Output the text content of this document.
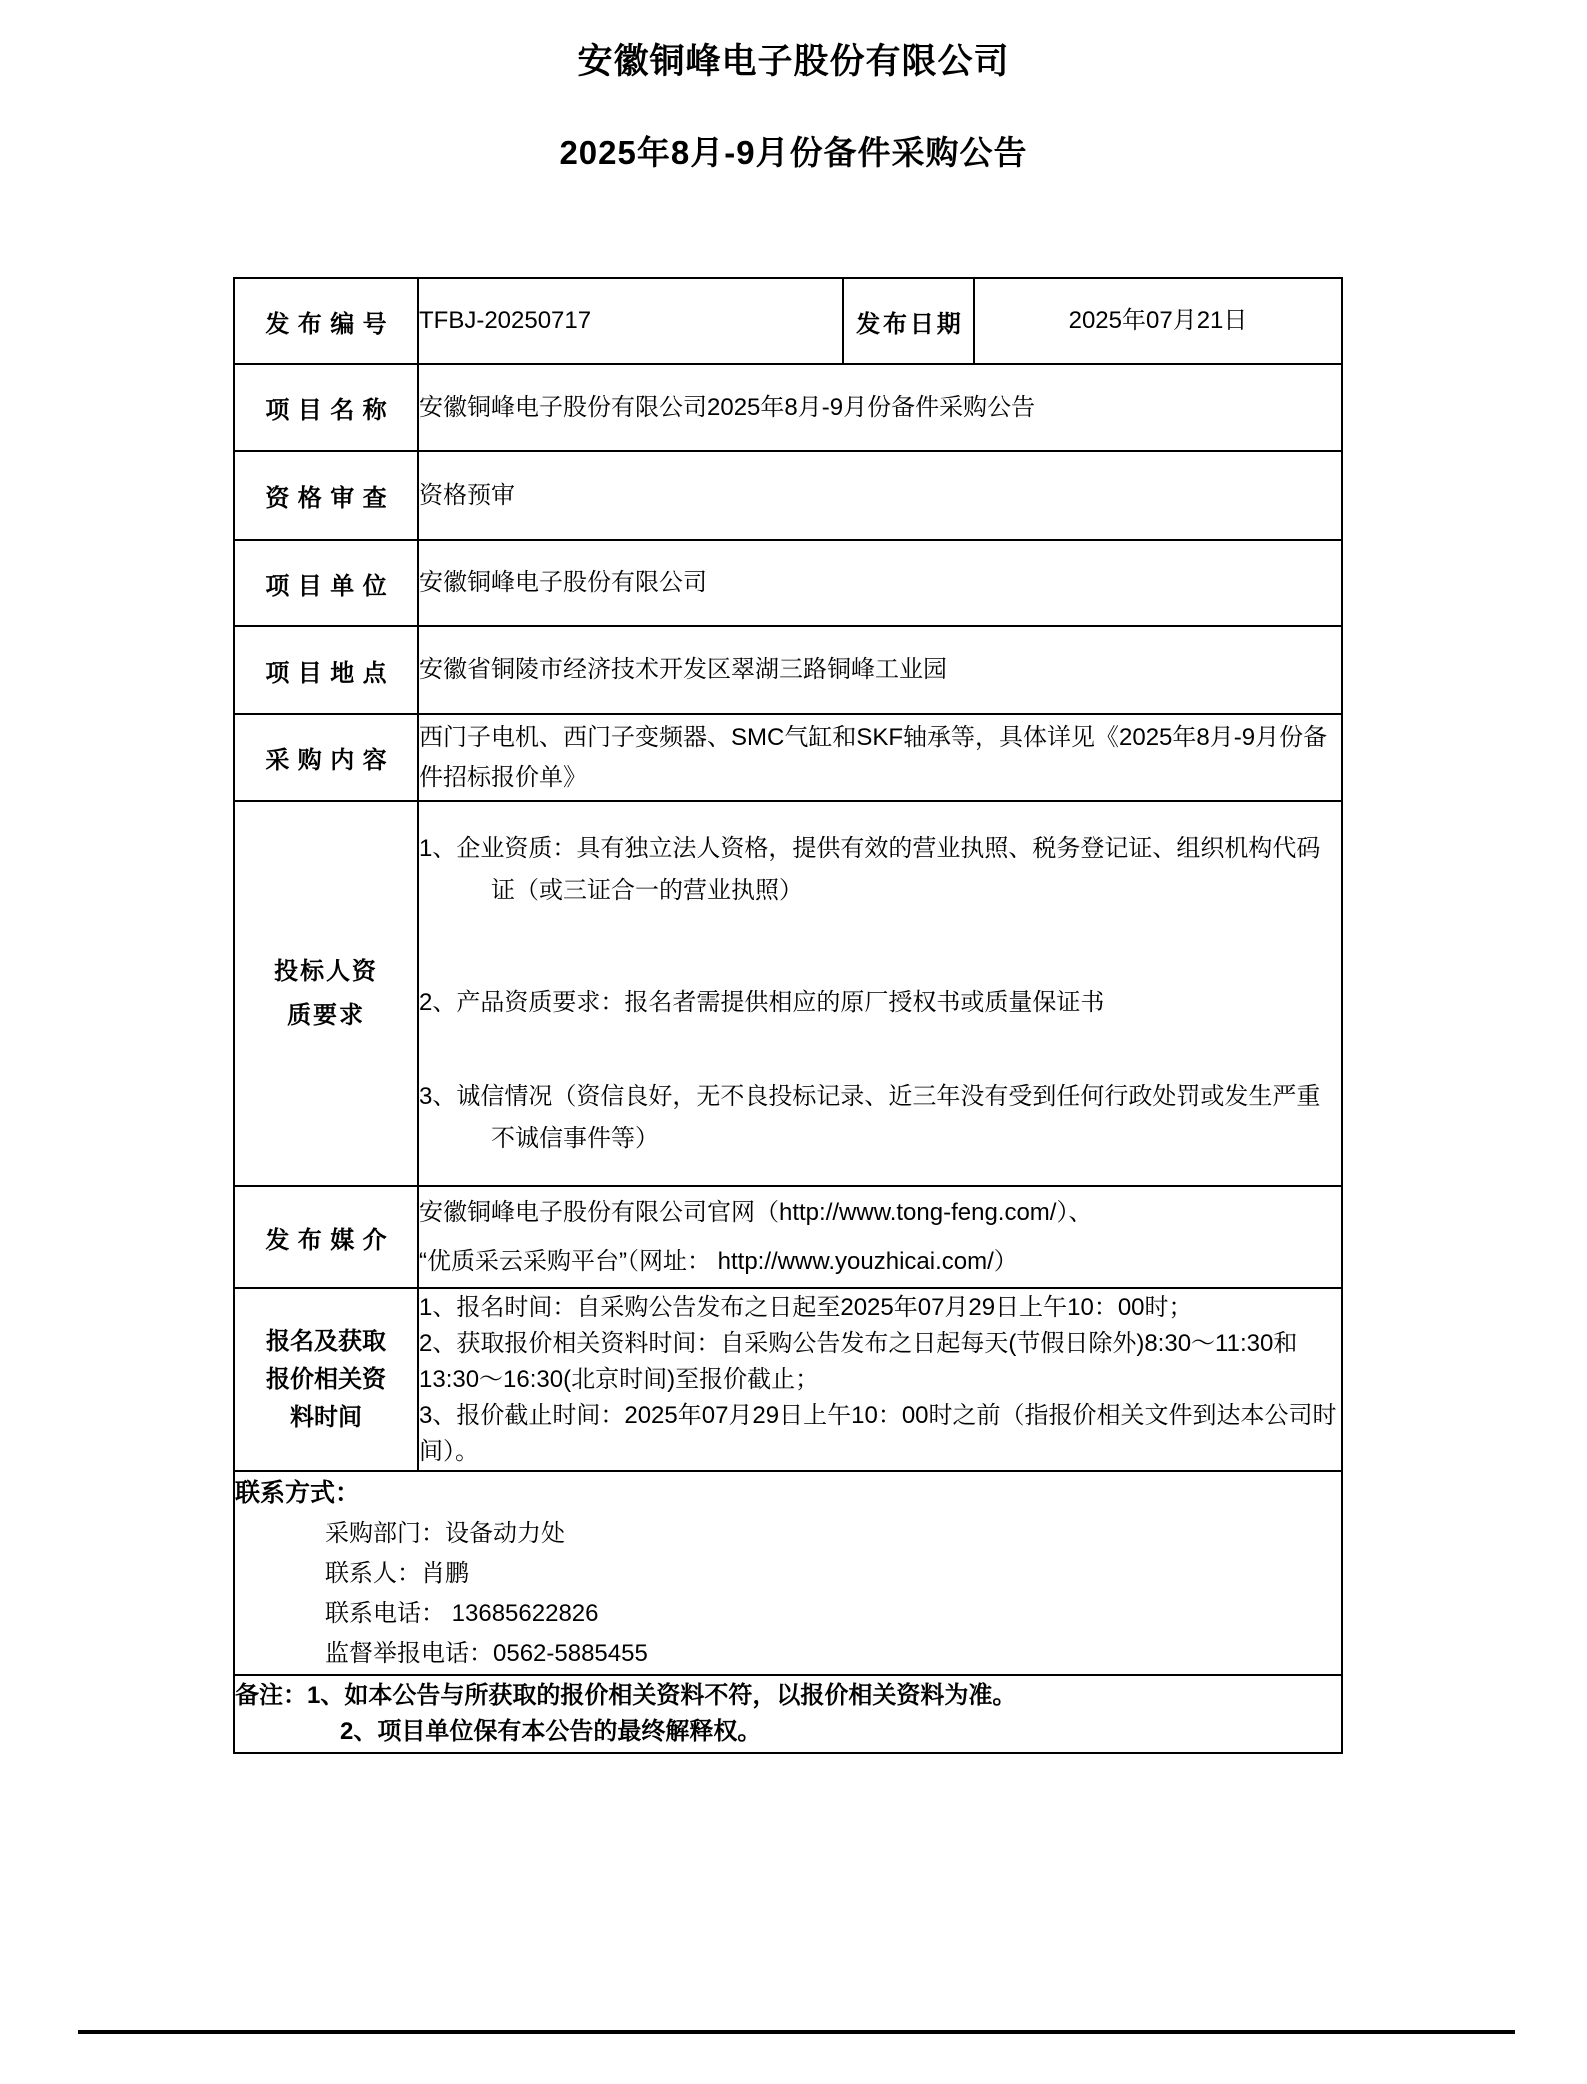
安徽铜峰电子股份有限公司
2025年8月-9月份备件采购公告
发布编号	TFBJ-20250717	发布日期	2025年07月21日
项目名称	安徽铜峰电子股份有限公司2025年8月-9月份备件采购公告		
资格审查	资格预审		
项目单位	安徽铜峰电子股份有限公司		
项目地点	安徽省铜陵市经济技术开发区翠湖三路铜峰工业园		
采购内容	西门子电机、西门子变频器、SMC气缸和SKF轴承等，具体详见《2025年8月-9月份备件招标报价单》		
投标人资质要求	1、企业资质：具有独立法人资格，提供有效的营业执照、税务登记证、组织机构代码证（或三证合一的营业执照）
2、产品资质要求：报名者需提供相应的原厂授权书或质量保证书
3、诚信情况（资信良好，无不良投标记录、近三年没有受到任何行政处罚或发生严重不诚信事件等）		

发布媒介	安徽铜峰电子股份有限公司官网（http://www.tong-feng.com/）、
“优质采云采购平台”（网址： http://www.youzhicai.com/）		

报名及获取报价相关资料时间	1、报名时间：自采购公告发布之日起至2025年07月29日上午10：00时；
2、获取报价相关资料时间：自采购公告发布之日起每天(节假日除外)8:30～11:30和13:30～16:30(北京时间)至报价截止；
3、报价截止时间：2025年07月29日上午10：00时之前（指报价相关文件到达本公司时间）。		

联系方式：
采购部门：设备动力处
联系人：肖鹏
联系电话： 13685622826
监督举报电话：0562-5885455			

备注：1、如本公告与所获取的报价相关资料不符，以报价相关资料为准。
2、项目单位保有本公告的最终解释权。			
